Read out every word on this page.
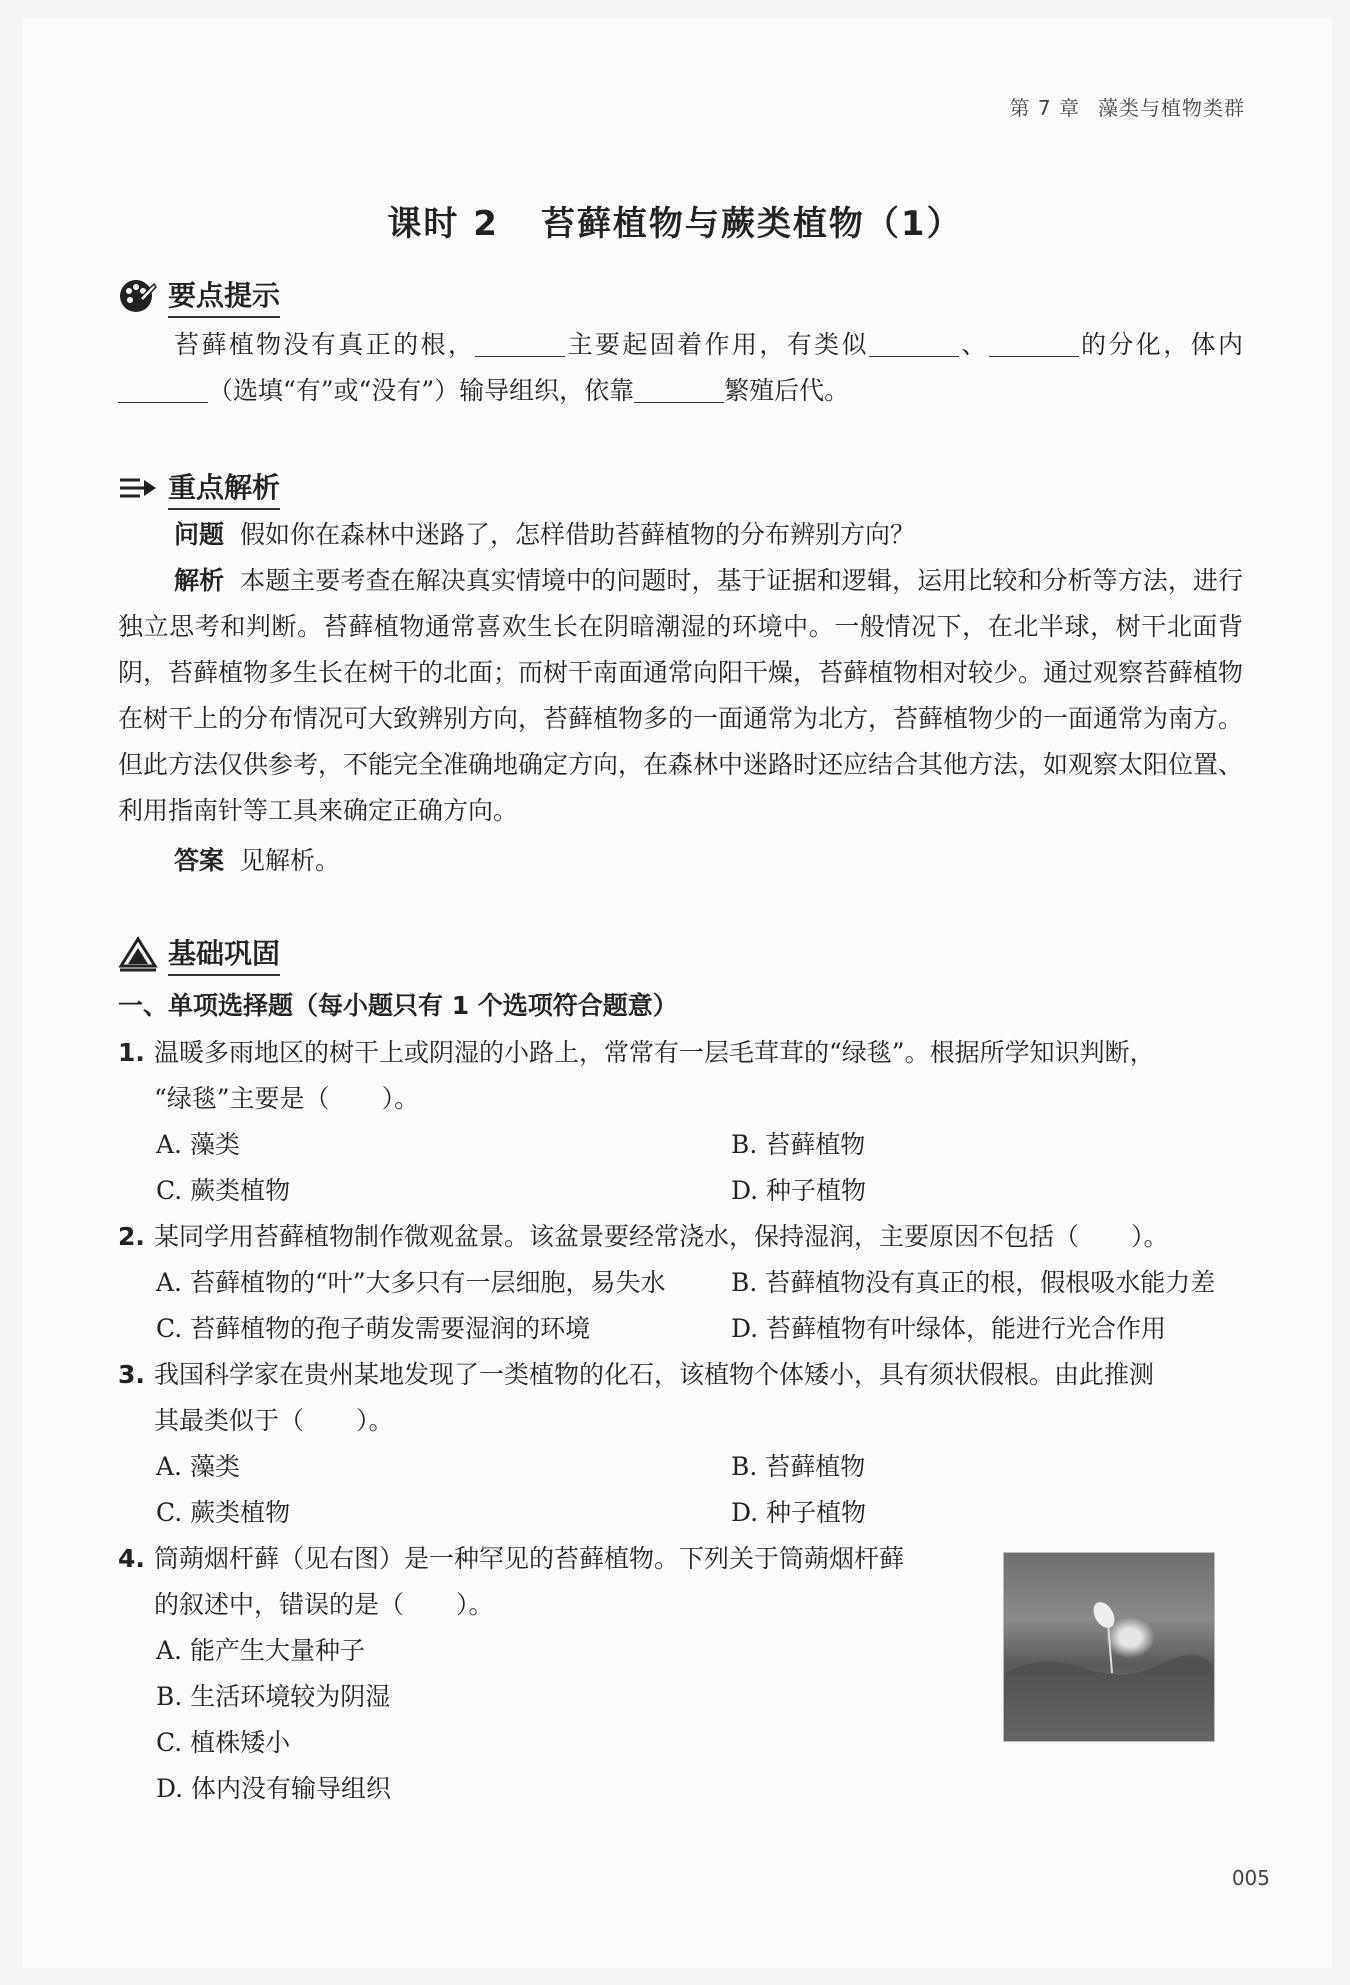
第 7 章 藻类与植物类群
课时 2 苔藓植物与蕨类植物（1）
要点提示
苔藓植物没有真正的根，	主要起固着作用，有类似	、	的分化，体内（选填“有”或“没有”）输导组织，依靠	繁殖后代。
重点解析
问题 假如你在森林中迷路了，怎样借助苔藓植物的分布辨别方向？
解析 本题主要考查在解决真实情境中的问题时，基于证据和逻辑，运用比较和分析等方法，进行独立思考和判断。苔藓植物通常喜欢生长在阴暗潮湿的环境中。一般情况下，在北半球，树干北面背阴，苔藓植物多生长在树干的北面；而树干南面通常向阳干燥，苔藓植物相对较少。通过观察苔藓植物在树干上的分布情况可大致辨别方向，苔藓植物多的一面通常为北方，苔藓植物少的一面通常为南方。但此方法仅供参考，不能完全准确地确定方向，在森林中迷路时还应结合其他方法，如观察太阳位置、利用指南针等工具来确定正确方向。
答案 见解析。
基础巩固
一、单项选择题（每小题只有 1 个选项符合题意）
1. 温暖多雨地区的树干上或阴湿的小路上，常常有一层毛茸茸的“绿毯”。根据所学知识判断，
“绿毯”主要是（ ）。
A. 藻类	B. 苔藓植物
C. 蕨类植物	D. 种子植物
2. 某同学用苔藓植物制作微观盆景。该盆景要经常浇水，保持湿润，主要原因不包括（ ）。
A. 苔藓植物的“叶”大多只有一层细胞，易失水	B. 苔藓植物没有真正的根，假根吸水能力差
C. 苔藓植物的孢子萌发需要湿润的环境	D. 苔藓植物有叶绿体，能进行光合作用
3. 我国科学家在贵州某地发现了一类植物的化石，该植物个体矮小，具有须状假根。由此推测
其最类似于（ ）。
A. 藻类	B. 苔藓植物
C. 蕨类植物	D. 种子植物
4. 筒蒴烟杆藓（见右图）是一种罕见的苔藓植物。下列关于筒蒴烟杆藓
的叙述中，错误的是（ ）。
A. 能产生大量种子
B. 生活环境较为阴湿
C. 植株矮小
D. 体内没有输导组织
005
